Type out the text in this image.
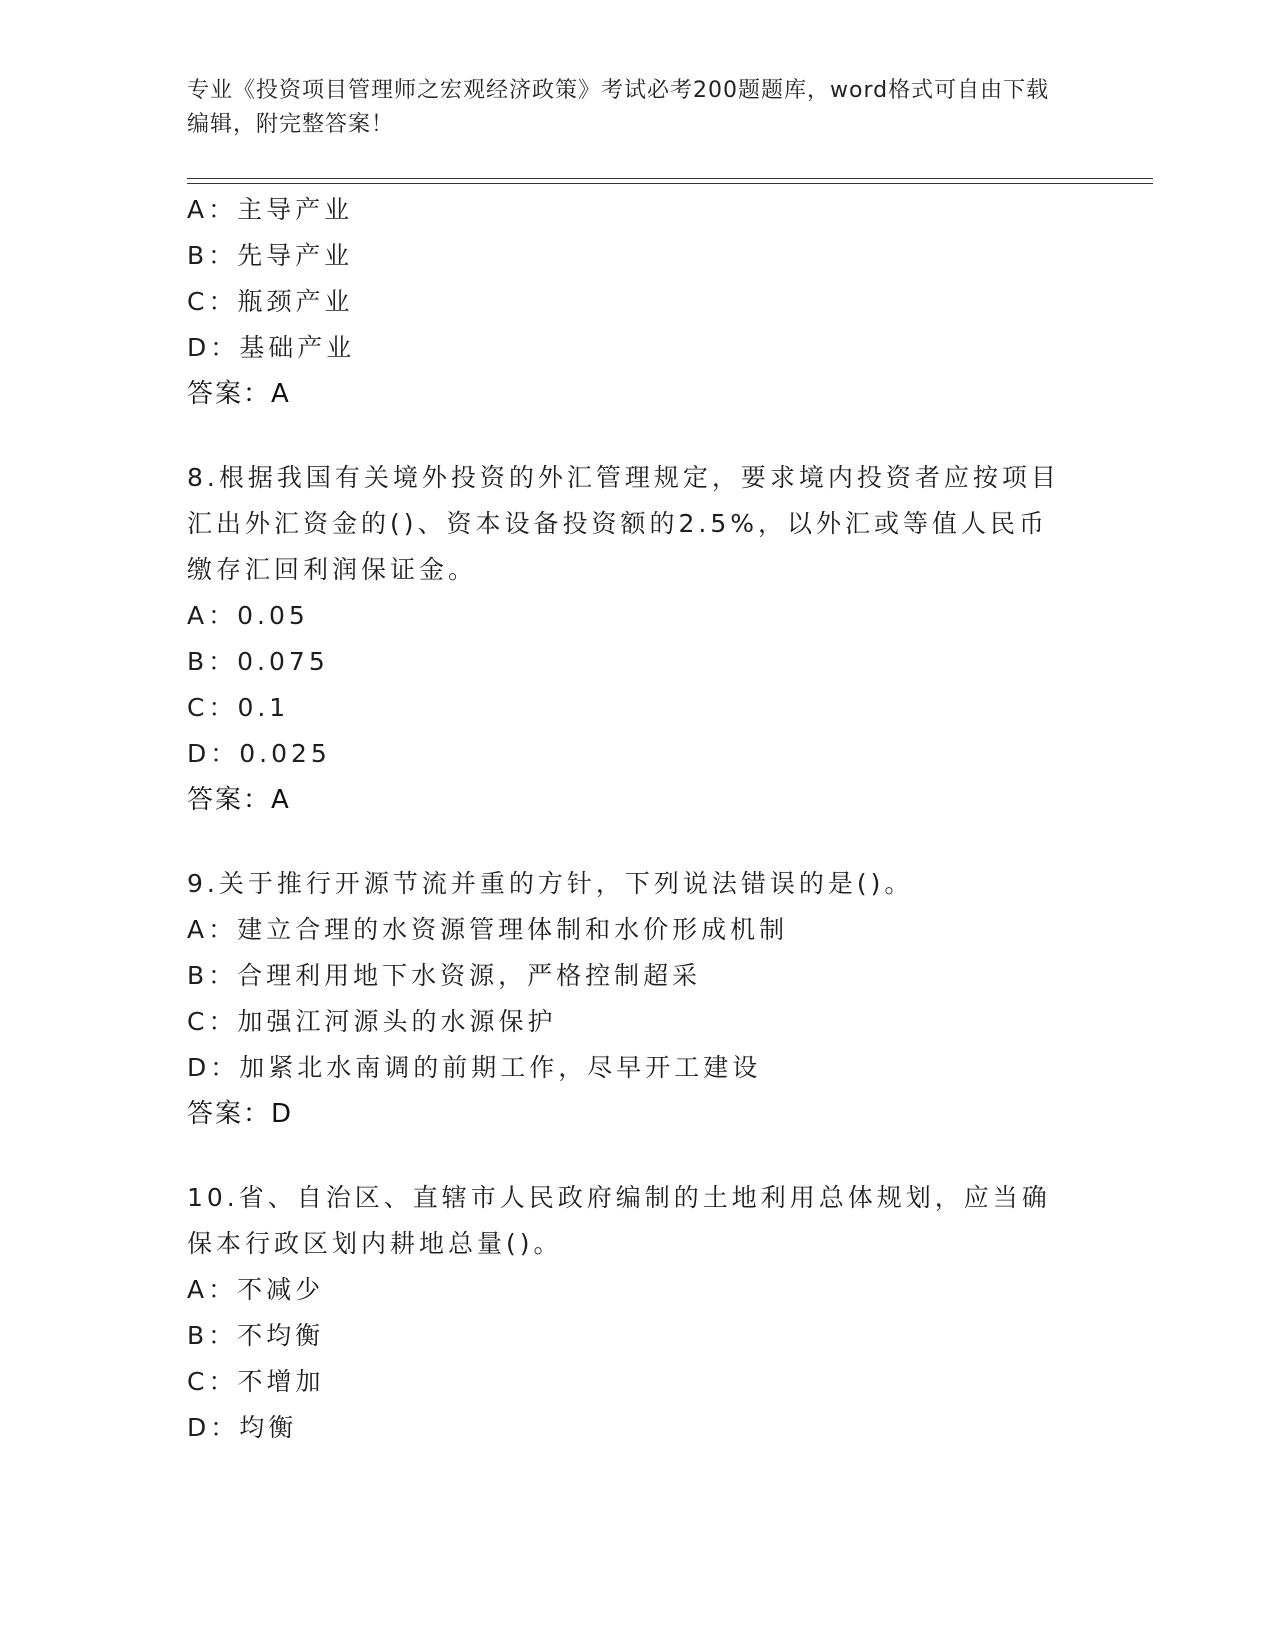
专业《投资项目管理师之宏观经济政策》考试必考200题题库，word格式可自由下载编辑，附完整答案！
A：主导产业
B：先导产业
C：瓶颈产业
D：基础产业
答案：A
8.根据我国有关境外投资的外汇管理规定，要求境内投资者应按项目汇出外汇资金的()、资本设备投资额的2.5%，以外汇或等值人民币缴存汇回利润保证金。
A：0.05
B：0.075
C：0.1
D：0.025
答案：A
9.关于推行开源节流并重的方针，下列说法错误的是()。
A：建立合理的水资源管理体制和水价形成机制
B：合理利用地下水资源，严格控制超采
C：加强江河源头的水源保护
D：加紧北水南调的前期工作，尽早开工建设
答案：D
10.省、自治区、直辖市人民政府编制的土地利用总体规划，应当确保本行政区划内耕地总量()。
A：不减少
B：不均衡
C：不增加
D：均衡
